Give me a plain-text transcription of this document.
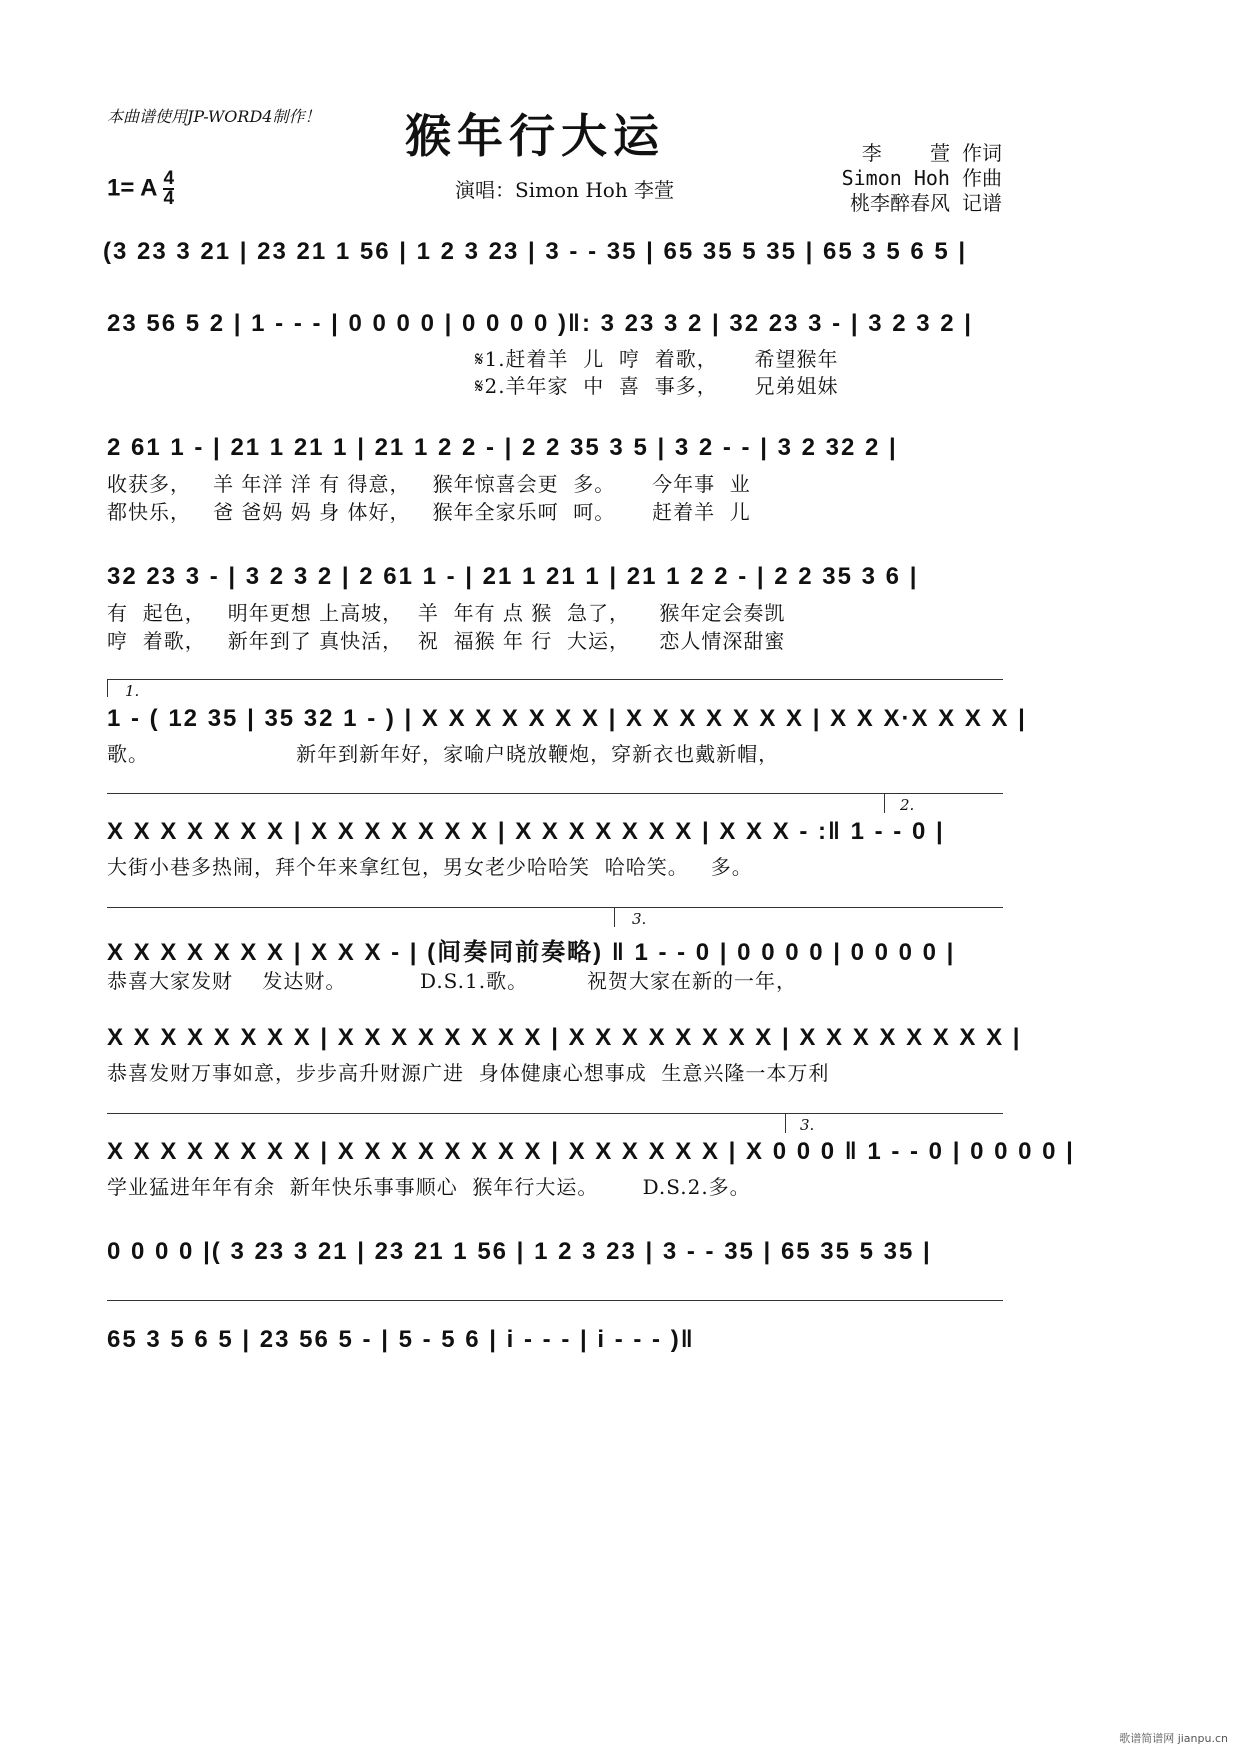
本曲谱使用JP-WORD4制作！ 猴年行大运
演唱：Simon Hoh 李萱
1= A $\frac{4}{4}$
李    萱 作词
Simon Hoh 作曲
桃李醉春风 记谱
(3 23 3 21 | 23 21 1 56 | 1 2 3 23 | 3 - - 35 | 65 35 5 35 | 65 3 5 6 5 |
23 56 5 2 | 1 - - - | 0 0 0 0 | 0 0 0 0 )‖: 3 23 3 2 | 32 23 3 - | 3 2 3 2 |
𝄋1.赶着羊  儿  哼  着歌，     希望猴年
𝄋2.羊年家  中  喜  事多，     兄弟姐妹
2 61 1 - | 21 1 21 1 | 21 1 2 2 - | 2 2 35 3 5 | 3 2 - - | 3 2 32 2 |
收获多，   羊 年洋 洋 有 得意，   猴年惊喜会更  多。     今年事  业
都快乐，   爸 爸妈 妈 身 体好，   猴年全家乐呵  呵。     赶着羊  儿
32 23 3 - | 3 2 3 2 | 2 61 1 - | 21 1 21 1 | 21 1 2 2 - | 2 2 35 3 6 |
有  起色，   明年更想 上高坡，  羊  年有 点 猴  急了，    猴年定会奏凯
哼  着歌，   新年到了 真快活，  祝  福猴 年 行  大运，    恋人情深甜蜜
1.
1 - ( 12 35 | 35 32 1 - ) | X X X X X X X | X X X X X X X | X X X·X X X X |
歌。                    新年到新年好，家喻户晓放鞭炮，穿新衣也戴新帽，
2.
X X X X X X X | X X X X X X X | X X X X X X X | X X X - :‖ 1 - - 0 |
大街小巷多热闹，拜个年来拿红包，男女老少哈哈笑  哈哈笑。   多。
3.
X X X X X X X | X X X - | (间奏同前奏略) ‖ 1 - - 0 | 0 0 0 0 | 0 0 0 0 |
恭喜大家发财    发达财。          D.S.1.歌。        祝贺大家在新的一年，
X X X X X X X X | X X X X X X X X | X X X X X X X X | X X X X X X X X |
恭喜发财万事如意，步步高升财源广进  身体健康心想事成  生意兴隆一本万利
3.
X X X X X X X X | X X X X X X X X | X X X X X X | X 0 0 0 ‖ 1 - - 0 | 0 0 0 0 |
学业猛进年年有余  新年快乐事事顺心  猴年行大运。      D.S.2.多。
0 0 0 0 |( 3 23 3 21 | 23 21 1 56 | 1 2 3 23 | 3 - - 35 | 65 35 5 35 |
65 3 5 6 5 | 23 56 5 - | 5 - 5 6 | i - - - | i - - - )‖
歌谱简谱网 jianpu.cn
